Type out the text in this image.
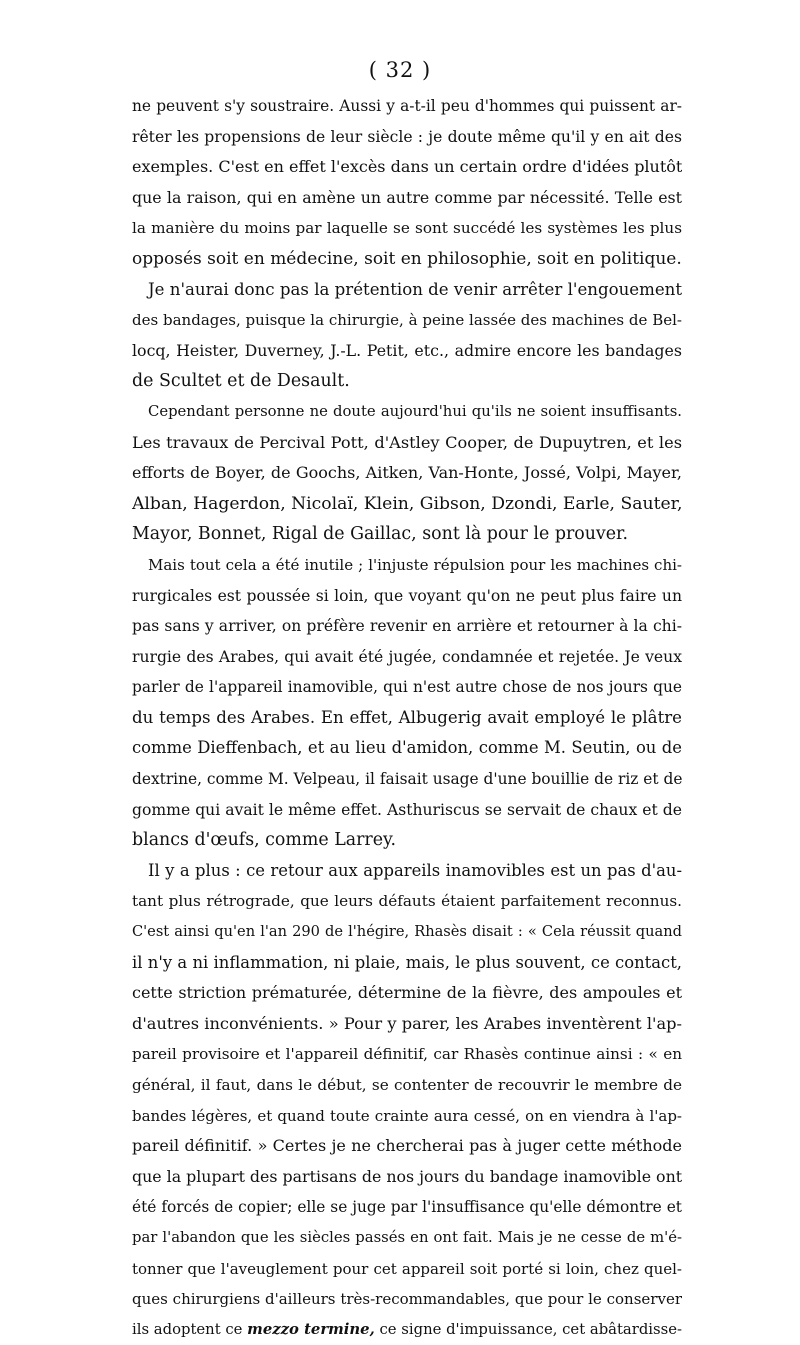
( 32 )
ne peuvent s'y soustraire. Aussi y a-t-il peu d'hommes qui puissent ar-
rêter les propensions de leur siècle : je doute même qu'il y en ait des
exemples. C'est en effet l'excès dans un certain ordre d'idées plutôt
que la raison, qui en amène un autre comme par nécessité. Telle est
la manière du moins par laquelle se sont succédé les systèmes les plus
opposés soit en médecine, soit en philosophie, soit en politique.
Je n'aurai donc pas la prétention de venir arrêter l'engouement
des bandages, puisque la chirurgie, à peine lassée des machines de Bel-
locq, Heister, Duverney, J.-L. Petit, etc., admire encore les bandages
de Scultet et de Desault.
Cependant personne ne doute aujourd'hui qu'ils ne soient insuffisants.
Les travaux de Percival Pott, d'Astley Cooper, de Dupuytren, et les
efforts de Boyer, de Goochs, Aitken, Van-Honte, Jossé, Volpi, Mayer,
Alban, Hagerdon, Nicolaï, Klein, Gibson, Dzondi, Earle, Sauter,
Mayor, Bonnet, Rigal de Gaillac, sont là pour le prouver.
Mais tout cela a été inutile ; l'injuste répulsion pour les machines chi-
rurgicales est poussée si loin, que voyant qu'on ne peut plus faire un
pas sans y arriver, on préfère revenir en arrière et retourner à la chi-
rurgie des Arabes, qui avait été jugée, condamnée et rejetée. Je veux
parler de l'appareil inamovible, qui n'est autre chose de nos jours que
du temps des Arabes. En effet, Albugerig avait employé le plâtre
comme Dieffenbach, et au lieu d'amidon, comme M. Seutin, ou de
dextrine, comme M. Velpeau, il faisait usage d'une bouillie de riz et de
gomme qui avait le même effet. Asthuriscus se servait de chaux et de
blancs d'œufs, comme Larrey.
Il y a plus : ce retour aux appareils inamovibles est un pas d'au-
tant plus rétrograde, que leurs défauts étaient parfaitement reconnus.
C'est ainsi qu'en l'an 290 de l'hégire, Rhasès disait : « Cela réussit quand
il n'y a ni inflammation, ni plaie, mais, le plus souvent, ce contact,
cette striction prématurée, détermine de la fièvre, des ampoules et
d'autres inconvénients. » Pour y parer, les Arabes inventèrent l'ap-
pareil provisoire et l'appareil définitif, car Rhasès continue ainsi : « en
général, il faut, dans le début, se contenter de recouvrir le membre de
bandes légères, et quand toute crainte aura cessé, on en viendra à l'ap-
pareil définitif. » Certes je ne chercherai pas à juger cette méthode
que la plupart des partisans de nos jours du bandage inamovible ont
été forcés de copier; elle se juge par l'insuffisance qu'elle démontre et
par l'abandon que les siècles passés en ont fait. Mais je ne cesse de m'é-
tonner que l'aveuglement pour cet appareil soit porté si loin, chez quel-
ques chirurgiens d'ailleurs très-recommandables, que pour le conserver
ils adoptent ce mezzo termine, ce signe d'impuissance, cet abâtardisse-
